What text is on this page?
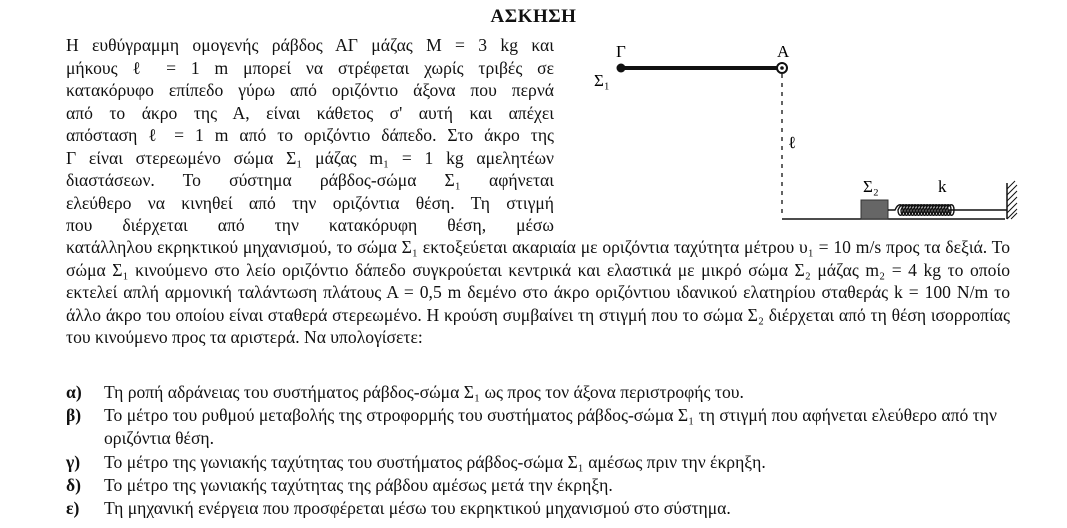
ΑΣΚΗΣΗ
Η ευθύγραμμη ομογενής ράβδος ΑΓ μάζας M = 3 kg και
μήκους ℓ = 1 m μπορεί να στρέφεται χωρίς τριβές σε
κατακόρυφο επίπεδο γύρω από οριζόντιο άξονα που περνά
από το άκρο της Α, είναι κάθετος σ' αυτή και απέχει
απόσταση ℓ = 1 m από το οριζόντιο δάπεδο. Στο άκρο της
Γ είναι στερεωμένο σώμα Σ₁ μάζας m₁ = 1 kg αμελητέων
διαστάσεων. Το σύστημα ράβδος-σώμα Σ₁ αφήνεται
ελεύθερο να κινηθεί από την οριζόντια θέση. Τη στιγμή
που διέρχεται από την κατακόρυφη θέση, μέσω
κατάλληλου εκρηκτικού μηχανισμού, το σώμα Σ₁ εκτοξεύεται ακαριαία με οριζόντια ταχύτητα μέτρου υ₁ = 10 m/s προς τα δεξιά. Το σώμα Σ₁ κινούμενο στο λείο οριζόντιο δάπεδο συγκρούεται κεντρικά και ελαστικά με μικρό σώμα Σ₂ μάζας m₂ = 4 kg το οποίο εκτελεί απλή αρμονική ταλάντωση πλάτους Α = 0,5 m δεμένο στο άκρο οριζόντιου ιδανικού ελατηρίου σταθεράς k = 100 N/m το άλλο άκρο του οποίου είναι σταθερά στερεωμένο. Η κρούση συμβαίνει τη στιγμή που το σώμα Σ₂ διέρχεται από τη θέση ισορροπίας του κινούμενο προς τα αριστερά. Να υπολογίσετε:
α)	Τη ροπή αδράνειας του συστήματος ράβδος-σώμα Σ₁ ως προς τον άξονα περιστροφής του.
β)	Το μέτρο του ρυθμού μεταβολής της στροφορμής του συστήματος ράβδος-σώμα Σ₁ τη στιγμή που αφήνεται ελεύθερο από την οριζόντια θέση.
γ)	Το μέτρο της γωνιακής ταχύτητας του συστήματος ράβδος-σώμα Σ₁ αμέσως πριν την έκρηξη.
δ)	Το μέτρο της γωνιακής ταχύτητας της ράβδου αμέσως μετά την έκρηξη.
ε)	Τη μηχανική ενέργεια που προσφέρεται μέσω του εκρηκτικού μηχανισμού στο σύστημα.
Γ	Α
Σ₁
ℓ
Σ₂	k
